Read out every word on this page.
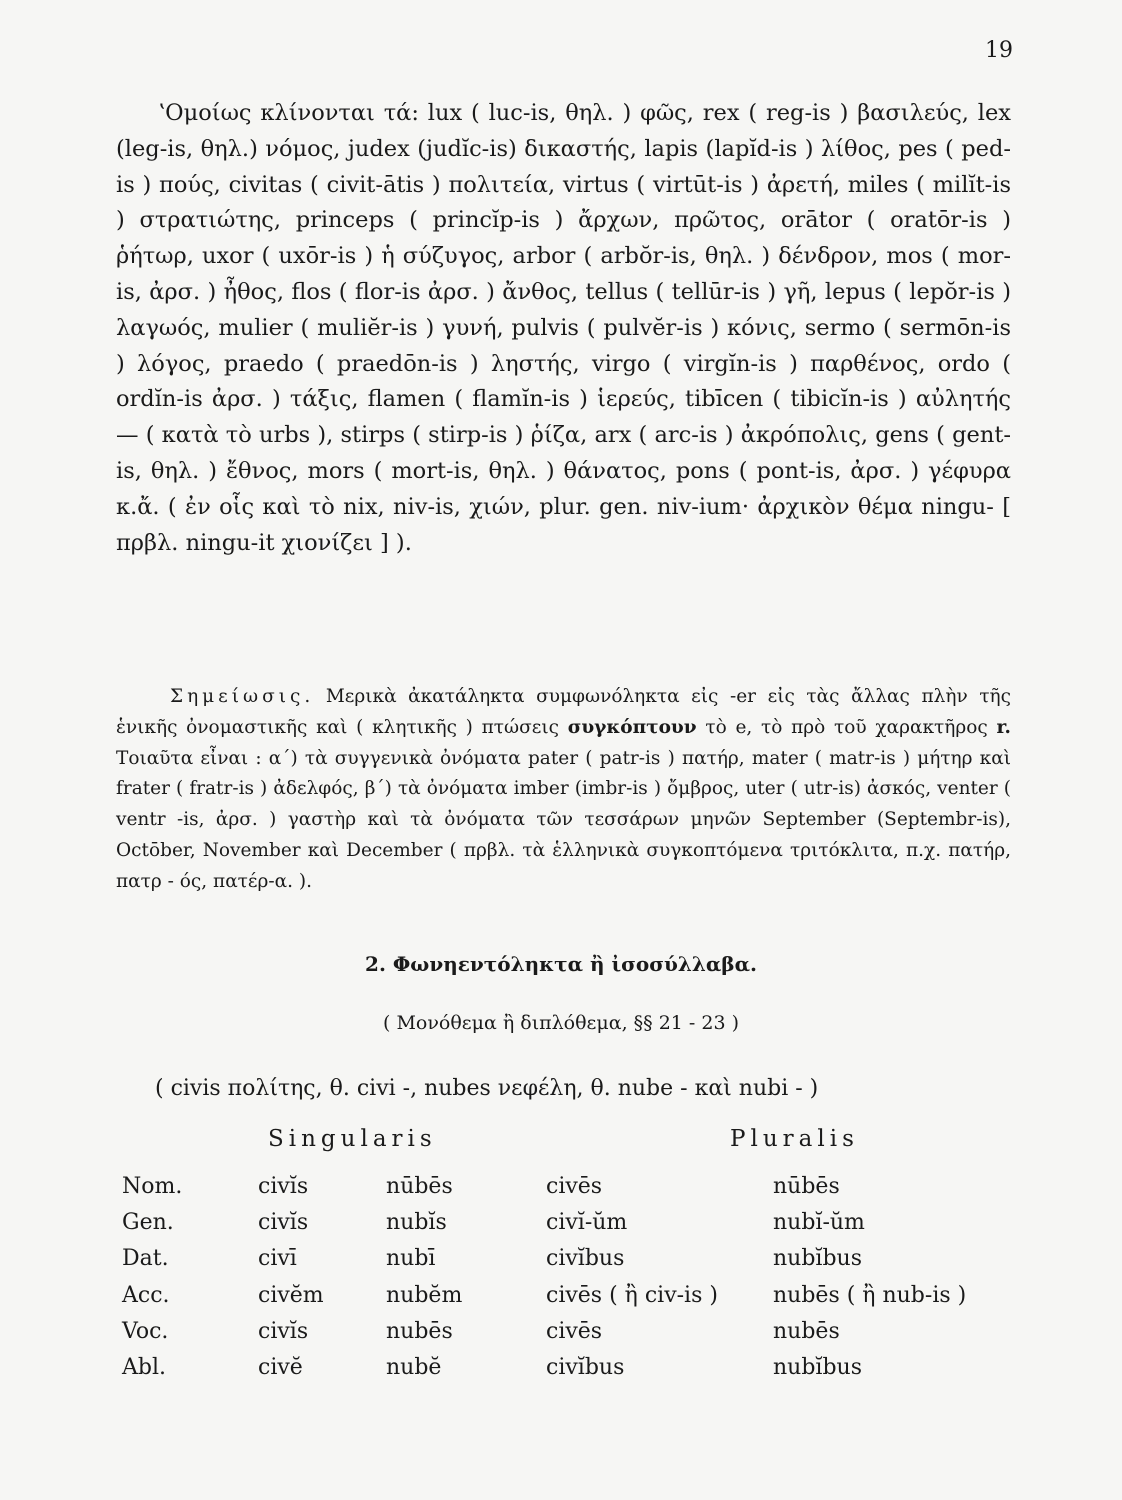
19

ʽΟμοίως κλίνονται τά: lux ( luc-is, θηλ. ) φῶς, rex ( reg-is ) βασιλεύς, lex (leg-is, θηλ.) νόμος, judex (judĭc-is) δικαστής, lapis (lapĭd-is ) λίθος, pes ( ped-is ) πούς, civitas ( civit-ātis ) πολιτεία, virtus ( virtūt-is ) ἀρετή, miles ( milĭt-is ) στρατιώτης, princeps ( princĭp-is ) ἄρχων, πρῶτος, orātor ( oratōr-is ) ῥήτωρ, uxor ( uxōr-is ) ἡ σύζυγος, arbor ( arbŏr-is, θηλ. ) δένδρον, mos ( mor-is, ἀρσ. ) ἦθος, flos ( flor-is ἀρσ. ) ἄνθος, tellus ( tellūr-is ) γῆ, lepus ( lepŏr-is ) λαγωός, mulier ( muliĕr-is ) γυνή, pulvis ( pulvĕr-is ) κόνις, sermo ( sermōn-is ) λόγος, praedo ( praedōn-is ) ληστής, virgo ( virgĭn-is ) παρθένος, ordo ( ordĭn-is ἀρσ. ) τάξις, flamen ( flamĭn-is ) ἱερεύς, tibīcen ( tibicĭn-is ) αὐλητής — ( κατὰ τὸ urbs ), stirps ( stirp-is ) ῥίζα, arx ( arc-is ) ἀκρόπολις, gens ( gent-is, θηλ. ) ἔθνος, mors ( mort-is, θηλ. ) θάνατος, pons ( pont-is, ἀρσ. ) γέφυρα κ.ἄ. ( ἐν οἷς καὶ τὸ nix, niv-is, χιών, plur. gen. niv-ium· ἀρχικὸν θέμα ningu- [ πρβλ. ningu-it χιονίζει ] ).

Σημείωσις. Μερικὰ ἀκατάληκτα συμφωνόληκτα εἰς -er εἰς τὰς ἄλλας πλὴν τῆς ἑνικῆς ὀνομαστικῆς καὶ ( κλητικῆς ) πτώσεις συγκόπτουν τὸ e, τὸ πρὸ τοῦ χαρακτῆρος r. Τοιαῦτα εἶναι : α΄) τὰ συγγενικὰ ὀνόματα pater ( patr-is ) πατήρ, mater ( matr-is ) μήτηρ καὶ frater ( fratr-is ) ἀδελφός, β΄) τὰ ὀνόματα imber (imbr-is ) ὄμβρος, uter ( utr-is) ἀσκός, venter ( ventr -is, ἀρσ. ) γαστὴρ καὶ τὰ ὀνόματα τῶν τεσσάρων μηνῶν September (Septembr-is), Octōber, November καὶ December ( πρβλ. τὰ ἑλληνικὰ συγκοπτόμενα τριτόκλιτα, π.χ. πατήρ, πατρ - ός, πατέρ-α. ).

2. Φωνηεντόληκτα ἢ ἰσοσύλλαβα.
( Μονόθεμα ἢ διπλόθεμα, §§ 21 - 23 )
( civis πολίτης, θ. civi -, nubes νεφέλη, θ. nube - καὶ nubi - )
Singularis	Pluralis
Nom.	civĭs	nūbēs	civēs	nūbēs
Gen.	civĭs	nubĭs	civĭ-ŭm	nubĭ-ŭm
Dat.	civī	nubī	civĭbus	nubĭbus
Acc.	civĕm	nubĕm	civēs ( ἢ civ-is )	nubēs ( ἢ nub-is )
Voc.	civĭs	nubēs	civēs	nubēs
Abl.	civĕ	nubĕ	civĭbus	nubĭbus
